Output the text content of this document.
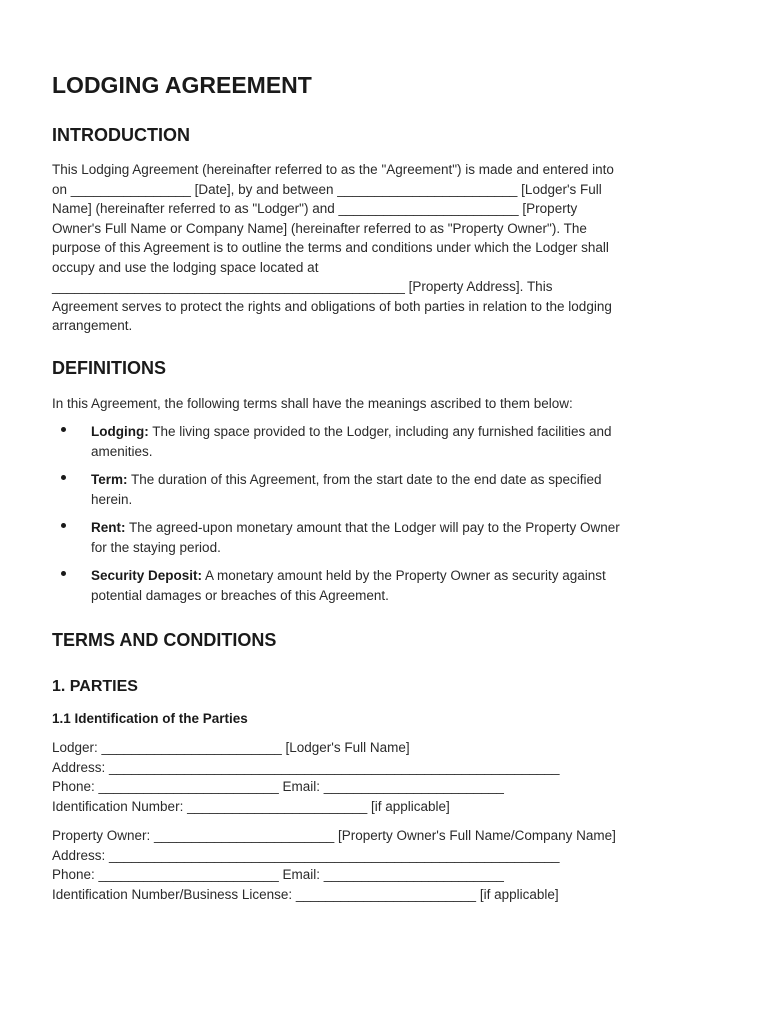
LODGING AGREEMENT
INTRODUCTION
This Lodging Agreement (hereinafter referred to as the "Agreement") is made and entered into
on ________________ [Date], by and between ________________________ [Lodger's Full
Name] (hereinafter referred to as "Lodger") and ________________________ [Property
Owner's Full Name or Company Name] (hereinafter referred to as "Property Owner"). The
purpose of this Agreement is to outline the terms and conditions under which the Lodger shall
occupy and use the lodging space located at
_______________________________________________ [Property Address]. This
Agreement serves to protect the rights and obligations of both parties in relation to the lodging
arrangement.
DEFINITIONS
In this Agreement, the following terms shall have the meanings ascribed to them below:
Lodging: The living space provided to the Lodger, including any furnished facilities and
amenities.
Term: The duration of this Agreement, from the start date to the end date as specified
herein.
Rent: The agreed-upon monetary amount that the Lodger will pay to the Property Owner
for the staying period.
Security Deposit: A monetary amount held by the Property Owner as security against
potential damages or breaches of this Agreement.
TERMS AND CONDITIONS
1. PARTIES
1.1 Identification of the Parties
Lodger: ________________________ [Lodger's Full Name]
Address: ____________________________________________________________
Phone: ________________________ Email: ________________________
Identification Number: ________________________ [if applicable]
Property Owner: ________________________ [Property Owner's Full Name/Company Name]
Address: ____________________________________________________________
Phone: ________________________ Email: ________________________
Identification Number/Business License: ________________________ [if applicable]
